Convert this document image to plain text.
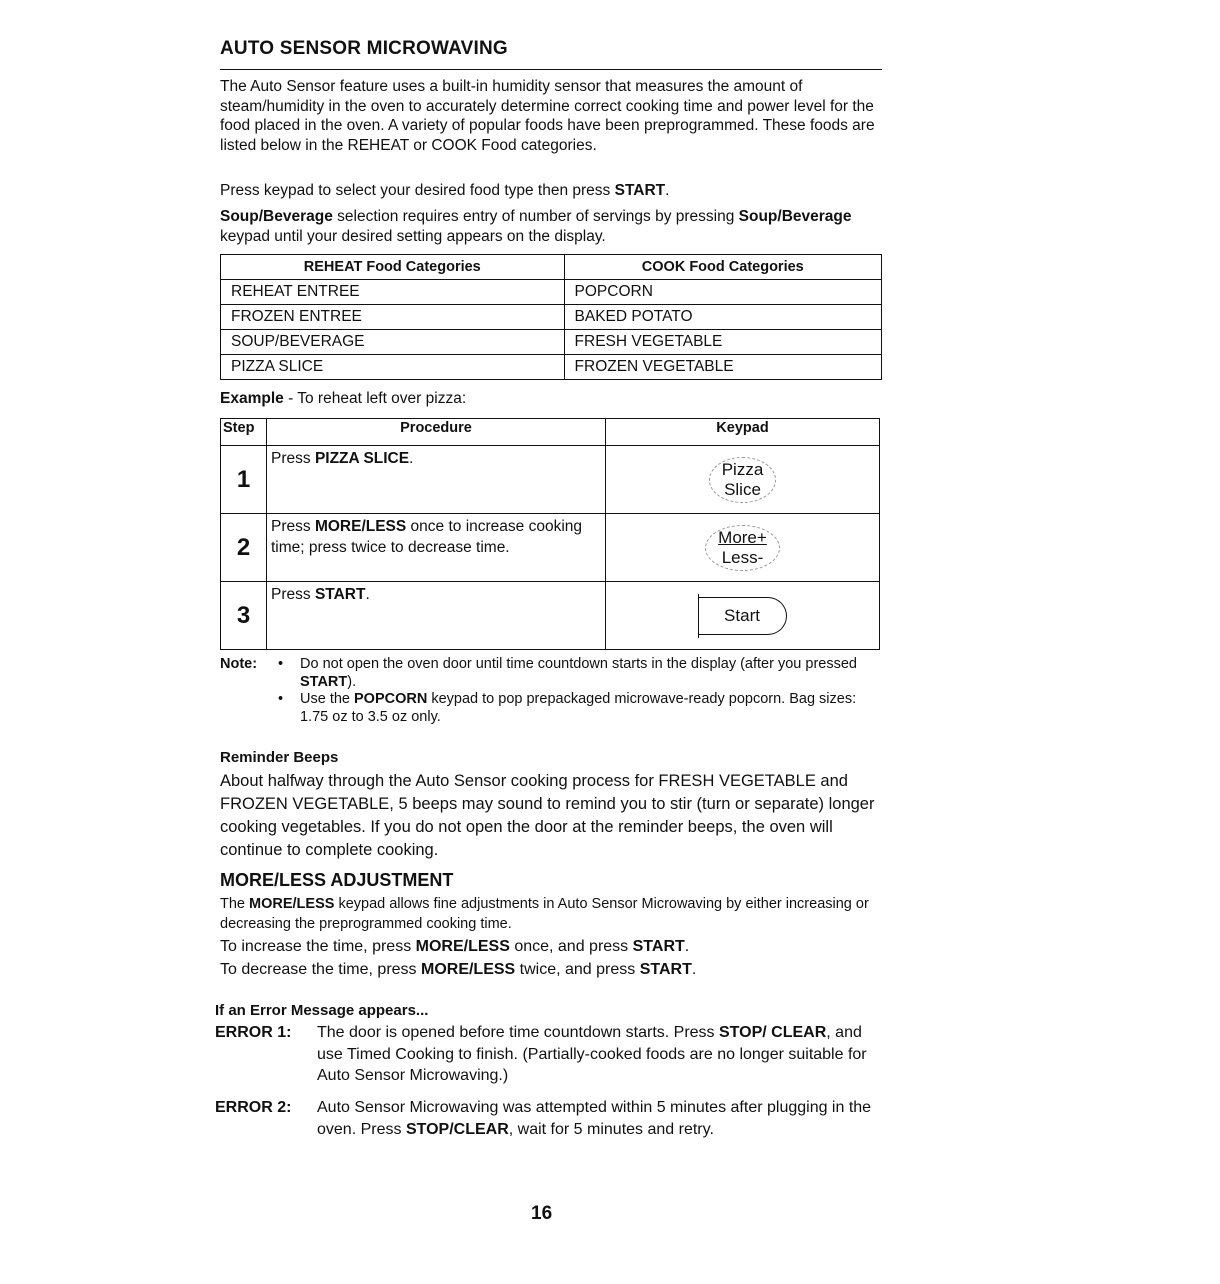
AUTO SENSOR MICROWAVING

The Auto Sensor feature uses a built-in humidity sensor that measures the amount of steam/humidity in the oven to accurately determine correct cooking time and power level for the food placed in the oven. A variety of popular foods have been preprogrammed. These foods are listed below in the REHEAT or COOK Food categories.

Press keypad to select your desired food type then press START.

Soup/Beverage selection requires entry of number of servings by pressing Soup/Beverage keypad until your desired setting appears on the display.

REHEAT Food Categories	COOK Food Categories
REHEAT ENTREE	POPCORN
FROZEN ENTREE	BAKED POTATO
SOUP/BEVERAGE	FRESH VEGETABLE
PIZZA SLICE	FROZEN VEGETABLE

Example - To reheat left over pizza:

Step	Procedure	Keypad
1	Press PIZZA SLICE.	Pizza
Slice
2	Press MORE/LESS once to increase cooking time; press twice to decrease time.	More+
Less-
3	Press START.	Start
Note:	• Do not open the oven door until time countdown starts in the display (after you pressed START).
• Use the POPCORN keypad to pop prepackaged microwave-ready popcorn. Bag sizes: 1.75 oz to 3.5 oz only.
Reminder Beeps

About halfway through the Auto Sensor cooking process for FRESH VEGETABLE and FROZEN VEGETABLE, 5 beeps may sound to remind you to stir (turn or separate) longer cooking vegetables. If you do not open the door at the reminder beeps, the oven will continue to complete cooking.

MORE/LESS ADJUSTMENT

The MORE/LESS keypad allows fine adjustments in Auto Sensor Microwaving by either increasing or decreasing the preprogrammed cooking time.

To increase the time, press MORE/LESS once, and press START.

To decrease the time, press MORE/LESS twice, and press START.

If an Error Message appears...
ERROR 1: The door is opened before time countdown starts. Press STOP/ CLEAR, and use Timed Cooking to finish. (Partially-cooked foods are no longer suitable for Auto Sensor Microwaving.)
ERROR 2: Auto Sensor Microwaving was attempted within 5 minutes after plugging in the oven. Press STOP/CLEAR, wait for 5 minutes and retry.
16
